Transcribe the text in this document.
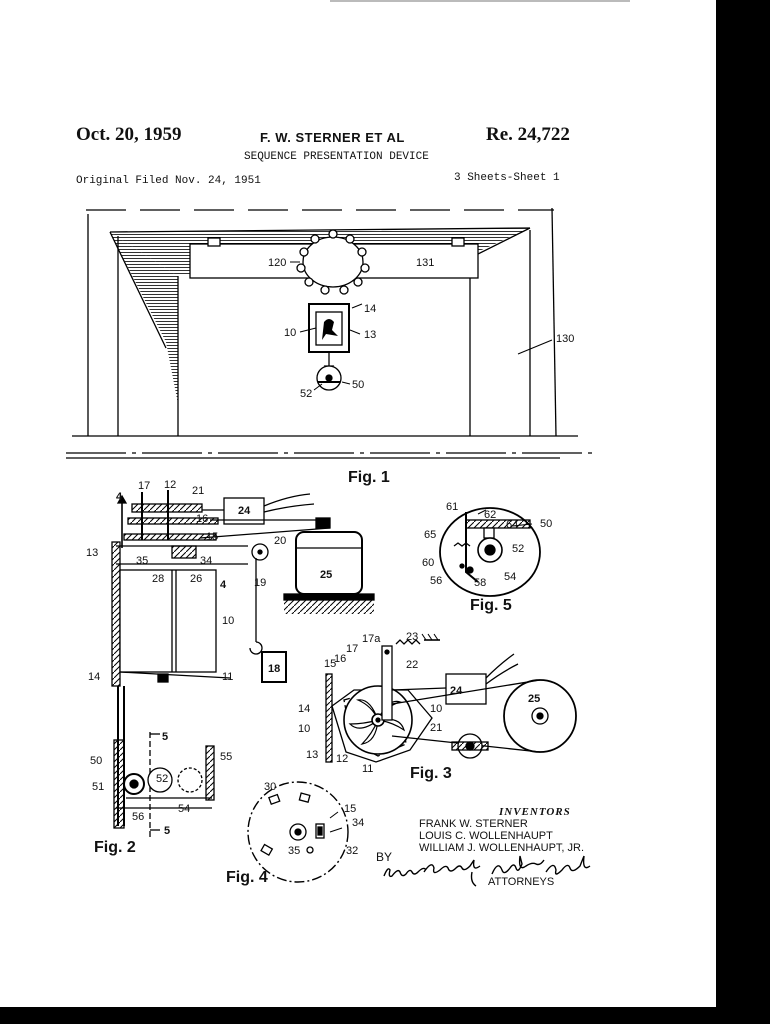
Oct. 20, 1959	F. W. STERNER ET AL	Re. 24,722
SEQUENCE PRESENTATION DEVICE
Original Filed Nov. 24, 1951	3 Sheets-Sheet 1
120	131
14
10	13	130
52
50
Fig. 1
4
17 12 21
24
16
15	20
13
35	34
28 26 4	19
25
10
18
14	11
5
50	55
51
52
54
56
5
Fig. 2
61
62
64 50
65
52
60
56	58 54
Fig. 5
23
17a
17
16	22
15
24
25
14	10
10	21
13 12
11 Fig. 3
30
15
34
35	32
Fig. 4
INVENTORS
FRANK W. STERNER
LOUIS C. WOLLENHAUPT
WILLIAM J. WOLLENHAUPT, JR.
BY
ATTORNEYS
